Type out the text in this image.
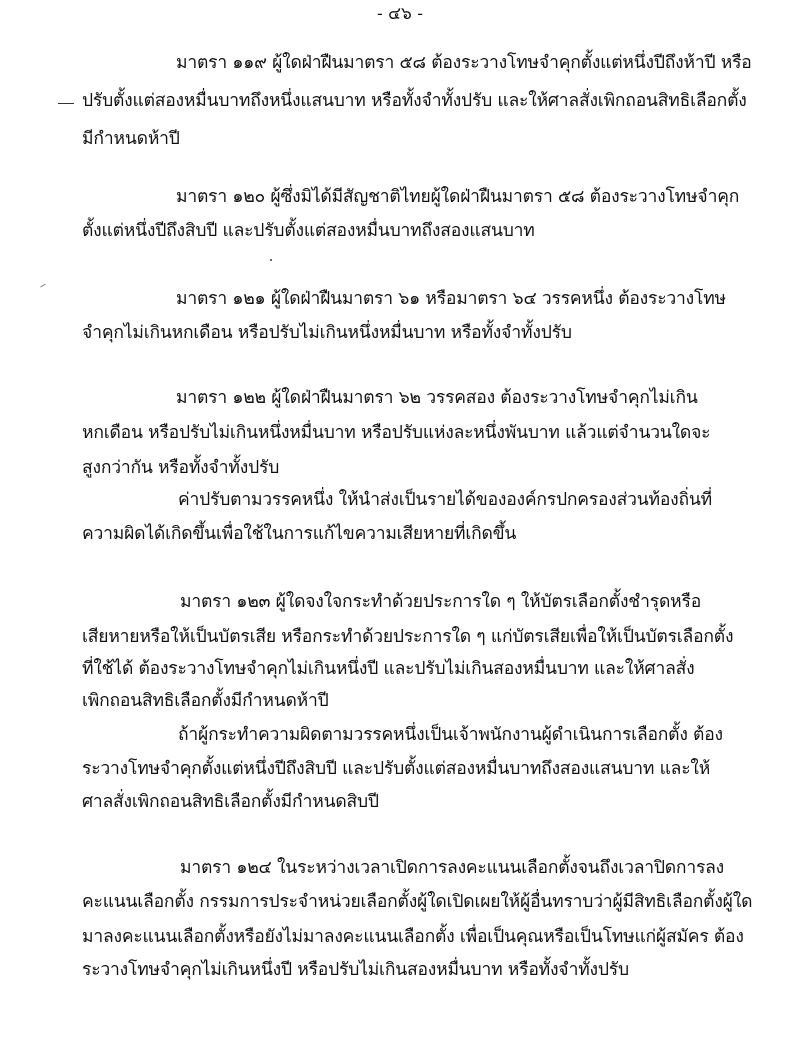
- ๔๖ -
มาตรา ๑๑๙ ผู้ใดฝ่าฝืนมาตรา ๕๘ ต้องระวางโทษจำคุกตั้งแต่หนึ่งปีถึงห้าปี หรือ
ปรับตั้งแต่สองหมื่นบาทถึงหนึ่งแสนบาท หรือทั้งจำทั้งปรับ และให้ศาลสั่งเพิกถอนสิทธิเลือกตั้ง
มีกำหนดห้าปี
มาตรา ๑๒๐ ผู้ซึ่งมิได้มีสัญชาติไทยผู้ใดฝ่าฝืนมาตรา ๕๘ ต้องระวางโทษจำคุก
ตั้งแต่หนึ่งปีถึงสิบปี และปรับตั้งแต่สองหมื่นบาทถึงสองแสนบาท
มาตรา ๑๒๑ ผู้ใดฝ่าฝืนมาตรา ๖๑ หรือมาตรา ๖๔ วรรคหนึ่ง ต้องระวางโทษ
จำคุกไม่เกินหกเดือน หรือปรับไม่เกินหนึ่งหมื่นบาท หรือทั้งจำทั้งปรับ
มาตรา ๑๒๒ ผู้ใดฝ่าฝืนมาตรา ๖๒ วรรคสอง ต้องระวางโทษจำคุกไม่เกิน
หกเดือน หรือปรับไม่เกินหนึ่งหมื่นบาท หรือปรับแห่งละหนึ่งพันบาท แล้วแต่จำนวนใดจะ
สูงกว่ากัน หรือทั้งจำทั้งปรับ
ค่าปรับตามวรรคหนึ่ง ให้นำส่งเป็นรายได้ขององค์กรปกครองส่วนท้องถิ่นที่
ความผิดได้เกิดขึ้นเพื่อใช้ในการแก้ไขความเสียหายที่เกิดขึ้น
มาตรา ๑๒๓ ผู้ใดจงใจกระทำด้วยประการใด ๆ ให้บัตรเลือกตั้งชำรุดหรือ
เสียหายหรือให้เป็นบัตรเสีย หรือกระทำด้วยประการใด ๆ แก่บัตรเสียเพื่อให้เป็นบัตรเลือกตั้ง
ที่ใช้ได้ ต้องระวางโทษจำคุกไม่เกินหนึ่งปี และปรับไม่เกินสองหมื่นบาท และให้ศาลสั่ง
เพิกถอนสิทธิเลือกตั้งมีกำหนดห้าปี
ถ้าผู้กระทำความผิดตามวรรคหนึ่งเป็นเจ้าพนักงานผู้ดำเนินการเลือกตั้ง ต้อง
ระวางโทษจำคุกตั้งแต่หนึ่งปีถึงสิบปี และปรับตั้งแต่สองหมื่นบาทถึงสองแสนบาท และให้
ศาลสั่งเพิกถอนสิทธิเลือกตั้งมีกำหนดสิบปี
มาตรา ๑๒๔ ในระหว่างเวลาเปิดการลงคะแนนเลือกตั้งจนถึงเวลาปิดการลง
คะแนนเลือกตั้ง กรรมการประจำหน่วยเลือกตั้งผู้ใดเปิดเผยให้ผู้อื่นทราบว่าผู้มีสิทธิเลือกตั้งผู้ใด
มาลงคะแนนเลือกตั้งหรือยังไม่มาลงคะแนนเลือกตั้ง เพื่อเป็นคุณหรือเป็นโทษแก่ผู้สมัคร ต้อง
ระวางโทษจำคุกไม่เกินหนึ่งปี หรือปรับไม่เกินสองหมื่นบาท หรือทั้งจำทั้งปรับ
